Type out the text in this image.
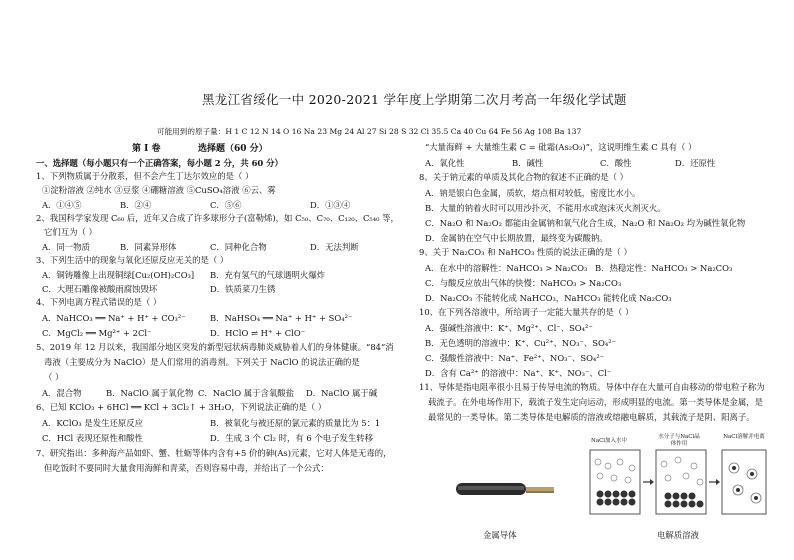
黑龙江省绥化一中 2020-2021 学年度上学期第二次月考高一年级化学试题
可能用到的原子量：H 1 C 12 N 14 O 16 Na 23 Mg 24 Al 27 Si 28 S 32 Cl 35.5 Ca 40 Cu 64 Fe 56 Ag 108 Ba 137
第 I 卷	选择题（60 分）
一、选择题（每小题只有一个正确答案，每小题 2 分，共 60 分）
1、下列物质属于分散系，但不会产生丁达尔效应的是（ ）
①淀粉溶液 ②纯水 ③豆浆 ④硼糖溶液 ⑤CuSO₄溶液 ⑥云、雾
A．①④⑤	B．②④	C．⑤⑥	D．①③④
2、我国科学家发现 C₆₀ 后，近年又合成了许多球形分子(富勒烯)，如 C₅₀、C₇₀、C₁₂₀、C₅₄₀ 等，
它们互为（ ）
A．同一物质	B．同素异形体	C．同种化合物	D．无法判断
3、下列生活中的现象与氧化还原反应无关的是（ ）
A．铜铸雕像上出现铜绿[Cu₂(OH)₂CO₃] B．充有氢气的气球遇明火爆炸
C．大理石雕像被酸雨腐蚀毁坏	D．铁质菜刀生锈
4、下列电离方程式错误的是（ ）
A．NaHCO₃ ══ Na⁺ + H⁺ + CO₃²⁻	B．NaHSO₄ ══ Na⁺ + H⁺ + SO₄²⁻
C．MgCl₂ ══ Mg²⁺ + 2Cl⁻	D．HClO ⇌ H⁺ + ClO⁻
5、2019 年 12 月以来，我国部分地区突发的新型冠状病毒肺炎威胁着人们的身体健康。“84”消
毒液（主要成分为 NaClO）是人们常用的消毒剂。下列关于 NaClO 的说法正确的是
（ ）
A．混合物	B．NaClO 属于氧化物 C．NaClO 属于含氧酸盐 D．NaClO 属于碱
6、已知 KClO₃ + 6HCl ══ KCl + 3Cl₂↑ + 3H₂O，下列说法正确的是（ ）
A．KClO₃ 是发生还原反应	B．被氧化与被还原的氯元素的质量比为 5：1
C．HCl 表现还原性和酸性	D．生成 3 个 Cl₂ 时，有 6 个电子发生转移
7、研究指出：多种海产品如虾、蟹、牡蛎等体内含有+5 价的砷(As)元素，它对人体是无毒的，
但吃饭时不要同时大量食用海鲜和青菜，否则容易中毒，并给出了一个公式：
“大量海鲜 + 大量维生素 C = 砒霜(As₂O₃)”，这说明维生素 C 具有（ ）
A．氧化性	B．碱性	C．酸性	D．还原性
8、关于钠元素的单质及其化合物的叙述不正确的是（ ）
A．钠是银白色金属，质软，熔点相对较低，密度比水小。
B．大量的钠着火时可以用沙扑灭，不能用水或泡沫灭火剂灭火。
C．Na₂O 和 Na₂O₂ 都能由金属钠和氧气化合生成，Na₂O 和 Na₂O₂ 均为碱性氧化物
D．金属钠在空气中长期放置，最终变为碳酸钠。
9、关于 Na₂CO₃ 和 NaHCO₃ 性质的说法正确的是（ ）
A．在水中的溶解性：NaHCO₃ > Na₂CO₃ B．热稳定性：NaHCO₃ > Na₂CO₃
C．与酸反应放出气体的快慢：NaHCO₃ > Na₂CO₃
D．Na₂CO₃ 不能转化成 NaHCO₃，NaHCO₃ 能转化成 Na₂CO₃
10、在下列各溶液中，所给离子一定能大量共存的是（ ）
A．强碱性溶液中：K⁺、Mg²⁺、Cl⁻、SO₄²⁻
B．无色透明的溶液中：K⁺、Cu²⁺、NO₃⁻、SO₄²⁻
C．强酸性溶液中：Na⁺、Fe²⁺、NO₃⁻、SO₄²⁻
D．含有 Ca²⁺ 的溶液中：Na⁺、K⁺、NO₃⁻、Cl⁻
11、导体是指电阻率很小且易于传导电流的物质。导体中存在大量可自由移动的带电粒子称为
载流子。在外电场作用下，载流子发生定向运动，形成明显的电流。第一类导体是金属，是
最常见的一类导体。第二类导体是电解质的溶液或熔融电解质，其载流子是阴、阳离子。
金属导体
NaCl加入水中
水分子与NaCl晶体作用
NaCl溶解并电离
电解质溶液
